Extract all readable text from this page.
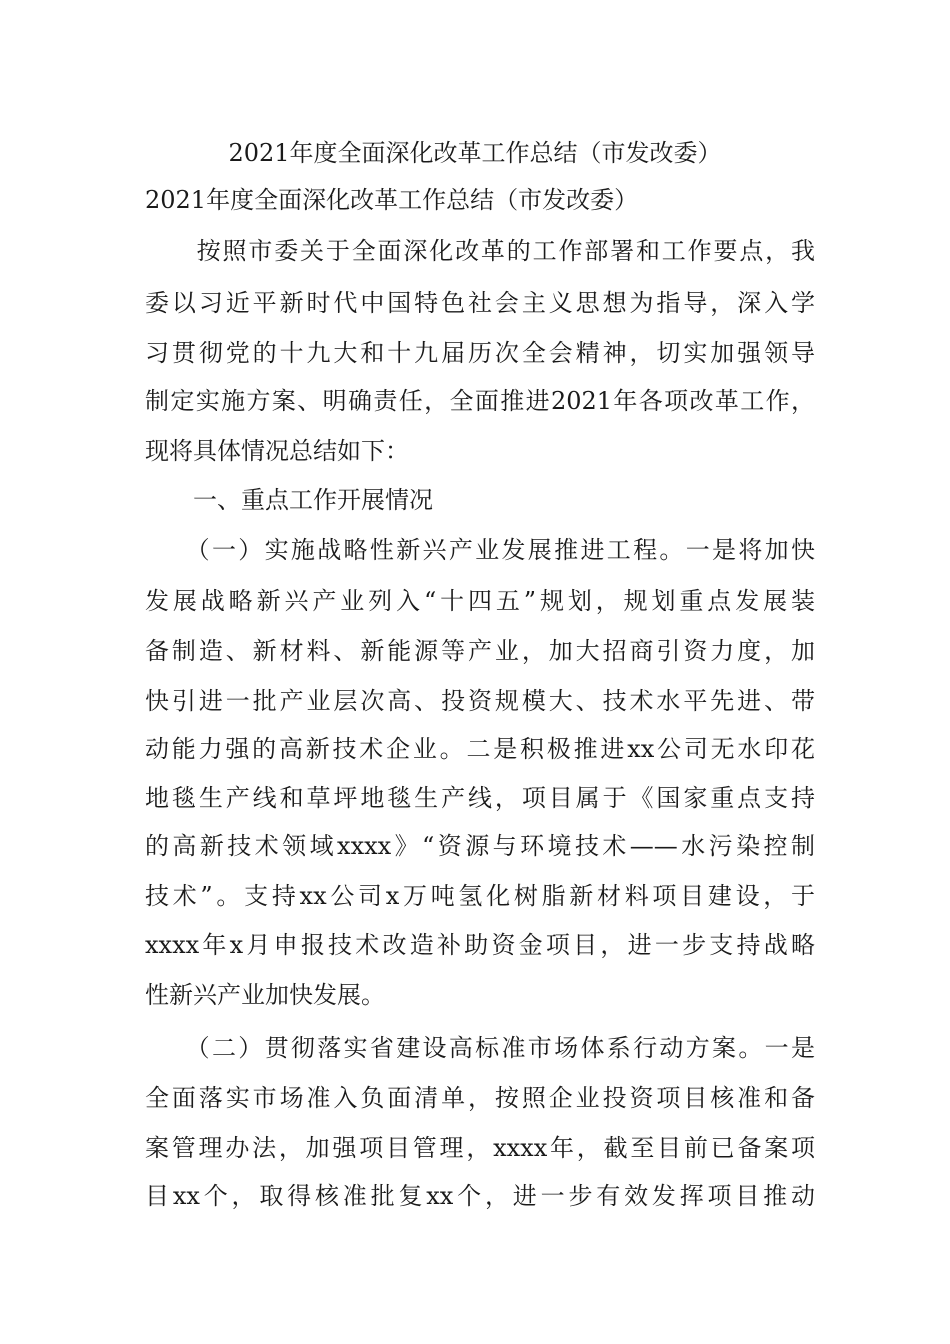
2021年度全面深化改革工作总结（市发改委）
2021年度全面深化改革工作总结（市发改委）
　　按照市委关于全面深化改革的工作部署和工作要点，我
委以习近平新时代中国特色社会主义思想为指导，深入学
习贯彻党的十九大和十九届历次全会精神，切实加强领导
制定实施方案、明确责任，全面推进2021年各项改革工作，
现将具体情况总结如下：
　　一、重点工作开展情况
　　（一）实施战略性新兴产业发展推进工程。一是将加快
发展战略新兴产业列入“十四五”规划，规划重点发展装
备制造、新材料、新能源等产业，加大招商引资力度，加
快引进一批产业层次高、投资规模大、技术水平先进、带
动能力强的高新技术企业。二是积极推进xx公司无水印花
地毯生产线和草坪地毯生产线，项目属于《国家重点支持
的高新技术领域xxxx》“资源与环境技术——水污染控制
技术”。支持xx公司x万吨氢化树脂新材料项目建设，于
xxxx年x月申报技术改造补助资金项目，进一步支持战略
性新兴产业加快发展。
　　（二）贯彻落实省建设高标准市场体系行动方案。一是
全面落实市场准入负面清单，按照企业投资项目核准和备
案管理办法，加强项目管理，xxxx年，截至目前已备案项
目xx个，取得核准批复xx个，进一步有效发挥项目推动
